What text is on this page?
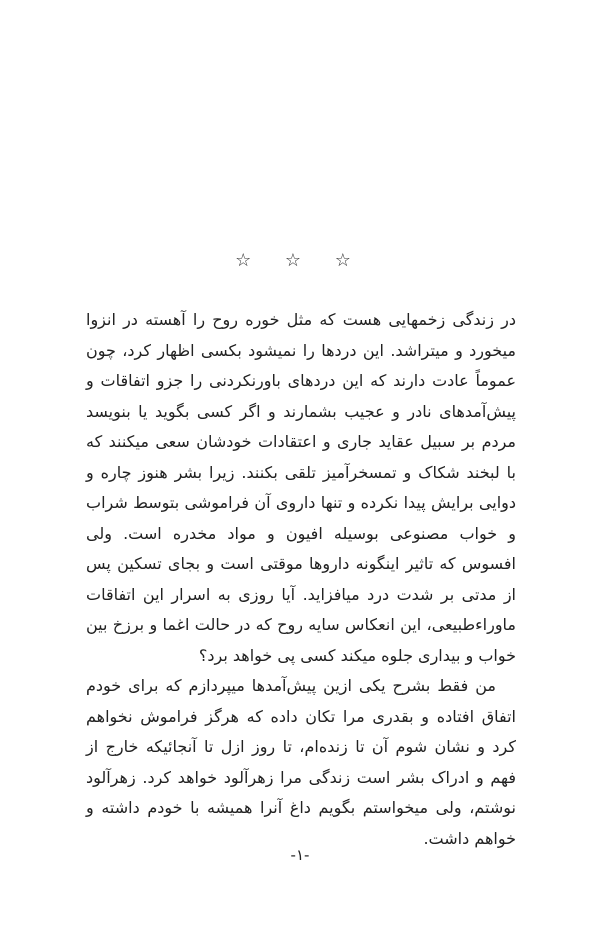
☆ ☆ ☆

در زندگی زخمهایی هست که مثل خوره روح را آهسته در انزوا میخورد و میتراشد. این دردها را نمیشود بکسی اظهار کرد، چون عموماً عادت دارند که این دردهای باورنکردنی را جزو اتفاقات و پیش‌آمدهای نادر و عجیب بشمارند و اگر کسی بگوید یا بنویسد مردم بر سبیل عقاید جاری و اعتقادات خودشان سعی میکنند که با لبخند شکاک و تمسخرآمیز تلقی بکنند. زیرا بشر هنوز چاره و دوایی برایش پیدا نکرده و تنها داروی آن فراموشی بتوسط شراب و خواب مصنوعی بوسیله افیون و مواد مخدره است. ولی افسوس که تاثیر اینگونه داروها موقتی است و بجای تسکین پس از مدتی بر شدت درد میافزاید. آیا روزی به اسرار این اتفاقات ماوراءطبیعی، این انعکاس سایه روح که در حالت اغما و برزخ بین خواب و بیداری جلوه میکند کسی پی خواهد برد؟

من فقط بشرح یکی ازین پیش‌آمدها میپردازم که برای خودم اتفاق افتاده و بقدری مرا تکان داده که هرگز فراموش نخواهم کرد و نشان شوم آن تا زنده‌ام، تا روز ازل تا آنجائیکه خارج از فهم و ادراک بشر است زندگی مرا زهرآلود خواهد کرد. زهرآلود نوشتم، ولی میخواستم بگویم داغ آنرا همیشه با خودم داشته و خواهم داشت.

-۱-
